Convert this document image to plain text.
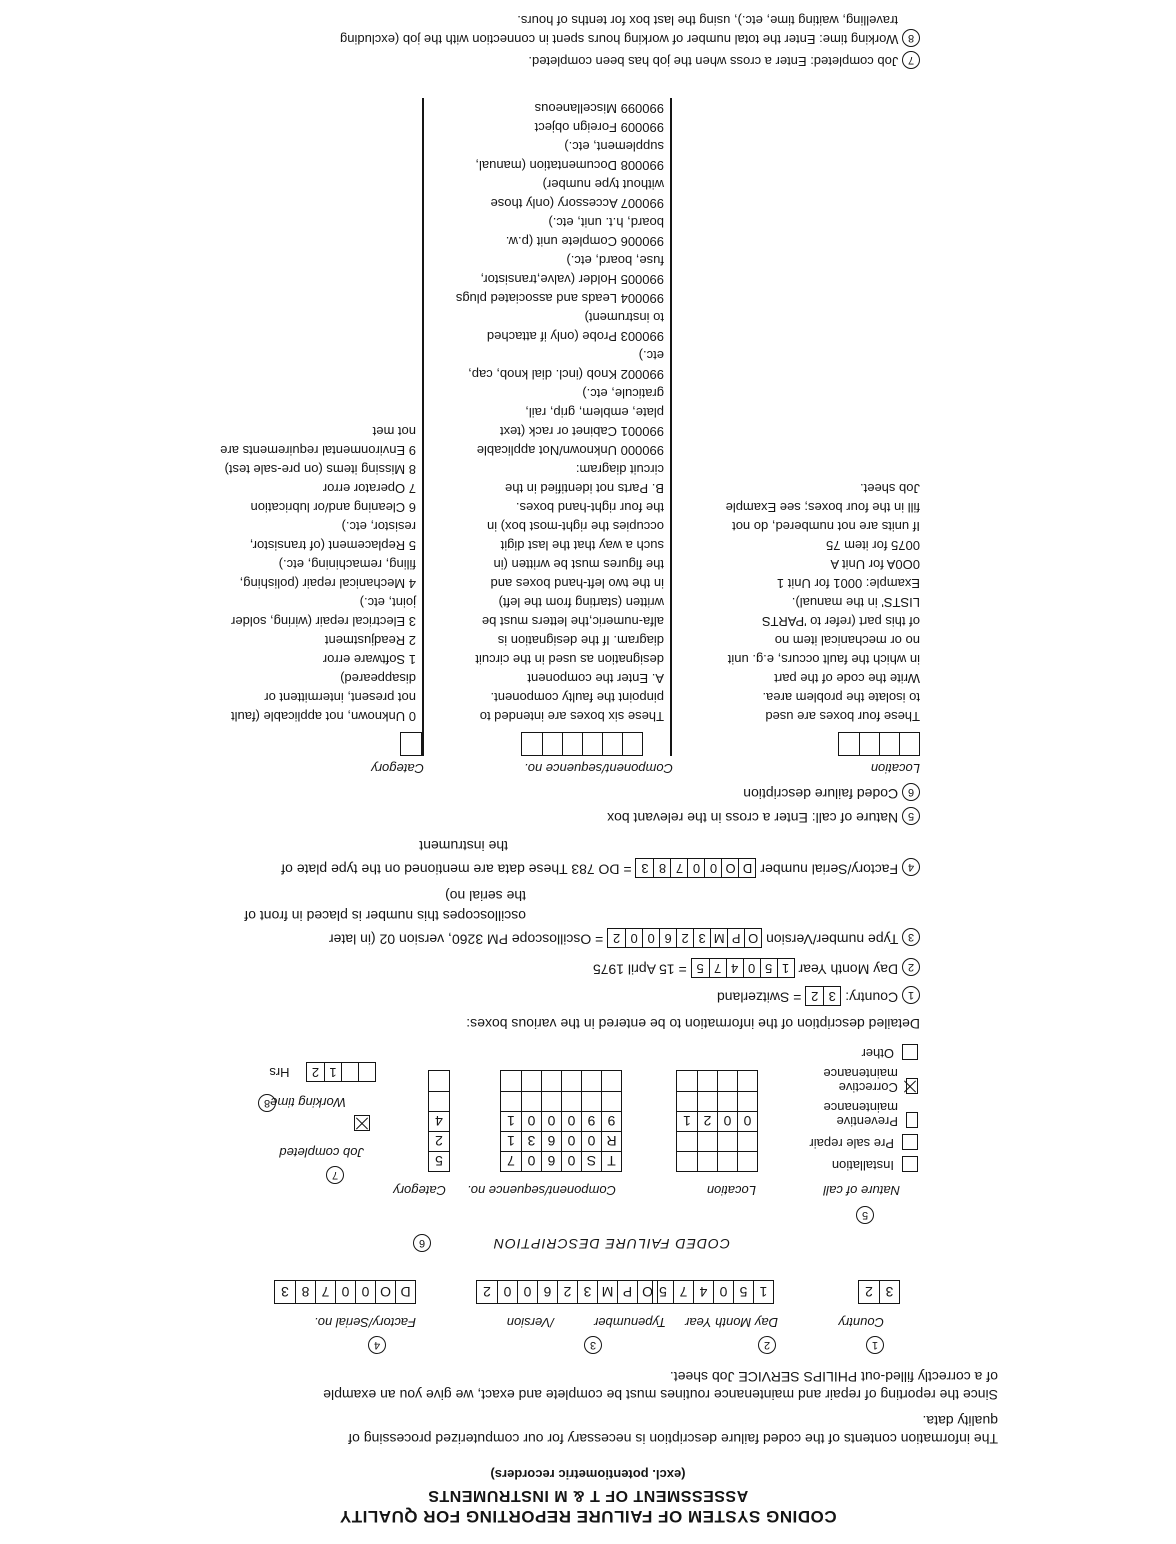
CODING SYSTEM OF FAILURE REPORTING FOR QUALITY
ASSESSMENT OF T & M INSTRUMENTS
(excl. potentiometric recorders)
The information contents of the coded failure description is necessary for our computerized processing of
quality data.
Since the reporting of repair and maintenance routines must be complete and exact, we give you an example
of a correctly filled-out PHILIPS SERVICE Job sheet.
1
2
3
4
Country
Day Month Year
Typenumber
/Version
Factory/Serial no.
3
2
1
5
0
4
7
5
O
P
M
3
2
6
0
0
2
D
O
0
0
7
8
3
6	CODED FAILURE DESCRIPTION
5
Nature of call
Location
Component/sequence no.
Category
Installation
Pre sale repair
Preventive maintenance
Corrective maintenance
Other
0
0
2
1
T
S
0
6
0
7
R
0
0
6
3
1
9
9
0
0
0
1
5
2
4
7
Job completed
8 Working time
1
2
Hrs
Detailed description of the information to be entered in the various boxes:
1 Country:
3
2
= Switzerland
2 Day Month Year
1
5
0
4
7
5
= 15 April 1975
3 Type number/Version
O
P
M
3
2
6
0
0
2
= Oscilloscope PM 3260, version 02 (in later
oscilloscopes this number is placed in front of
the serial no)
4 Factory/Serial number
D
O
0
0
7
8
3
= DO 783 These data are mentioned on the type plate of
the instrument
5 Nature of call: Enter a cross in the relevant box
6 Coded failure description
Location
Component/sequence no.
Category
These four boxes are used
to isolate the problem area.
Write the code of the part
in which the fault occurs, e.g. unit
no or mechanical item no
of this part (refer to 'PARTS
LISTS' in the manual).
Example: 0001 for Unit 1
0O0A for Unit A
0075 for item 75
If units are not numbered, do not
fill in the four boxes; see Example
Job sheet.
These six boxes are intended to
pinpoint the faulty component.
A. Enter the component
designation as used in the circuit
diagram. If the designation is
alfa-numeric,the letters must be
written (starting from the left)
in the two left-hand boxes and
the figures must be written (in
such a way that the last digit
occupies the right-most box) in
the four right-hand boxes.
B. Parts not identified in the
circuit diagram:
990000 Unknown/Not applicable
990001 Cabinet or rack (text
plate, emblem, grip, rail,
graticule, etc.)
990002 Knob (incl. dial knob, cap,
etc.)
990003 Probe (only if attached
to instrument)
990004 Leads and associated plugs
990005 Holder (valve,transistor,
fuse, board, etc.)
990006 Complete unit (p.w.
board, h.t. unit, etc.)
990007 Accessory (only those
without type number)
990008 Documentation (manual,
supplement, etc.)
990009 Foreign object
990099 Miscellaneous
0 Unknown, not applicable (fault
not present, intermittent or
disappeared)
1 Software error
2 Readjustment
3 Electrical repair (wiring, solder
joint, etc.)
4 Mechanical repair (polishing,
filing, remachining, etc.)
5 Replacement (of transistor,
resistor, etc.)
6 Cleaning and/or lubrication
7 Operator error
8 Missing items (on pre-sale test)
9 Environmental requirements are
not met
7 Job completed: Enter a cross when the job has been completed.
8 Working time: Enter the total number of working hours spent in connection with the job (excluding
travelling, waiting time, etc.), using the last box for tenths of hours.
